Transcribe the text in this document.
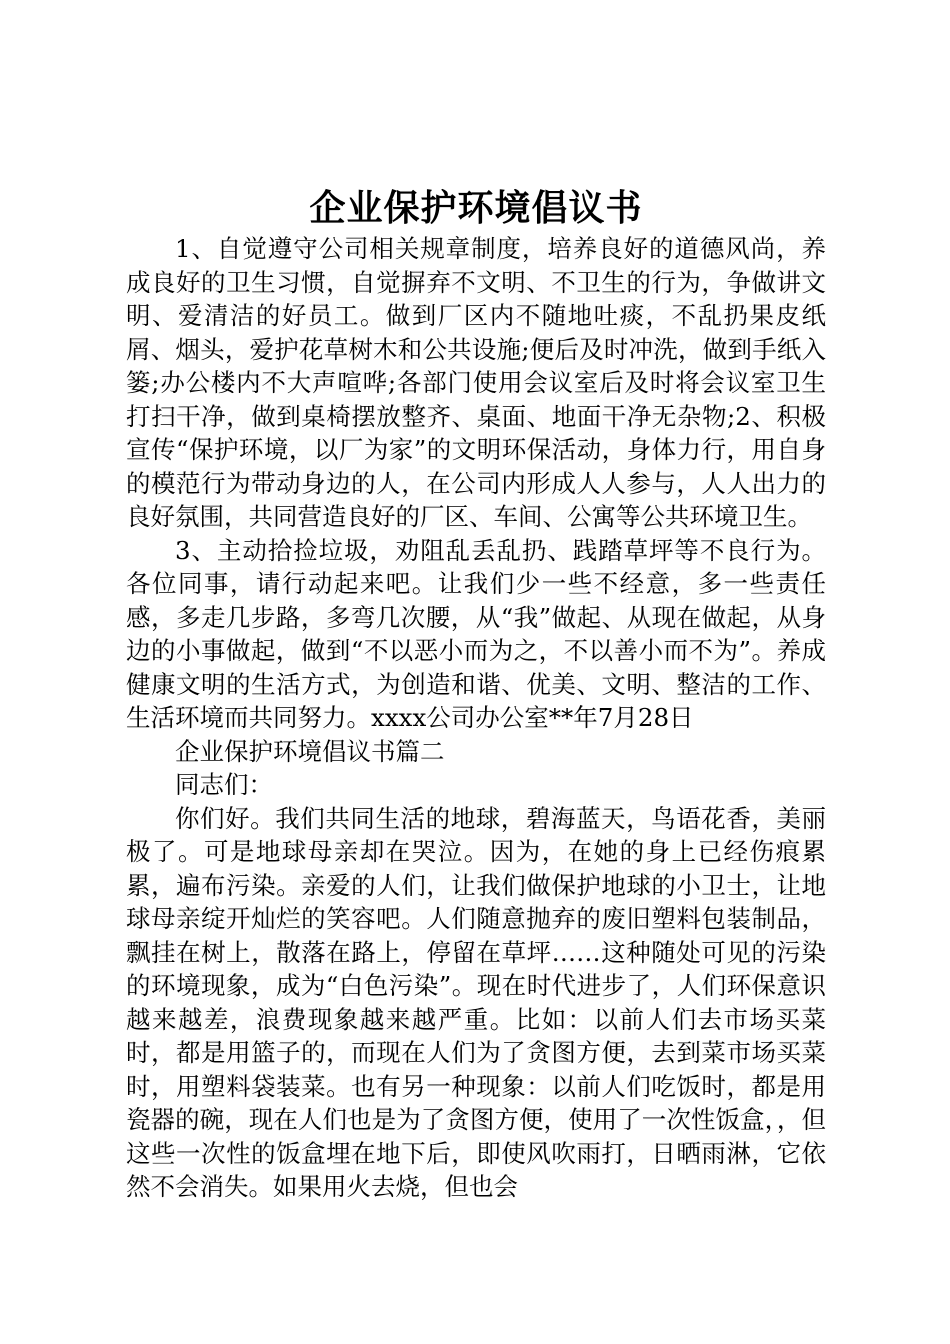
企业保护环境倡议书

1、自觉遵守公司相关规章制度，培养良好的道德风尚，养成良好的卫生习惯，自觉摒弃不文明、不卫生的行为，争做讲文明、爱清洁的好员工。做到厂区内不随地吐痰，不乱扔果皮纸屑、烟头，爱护花草树木和公共设施;便后及时冲洗，做到手纸入篓;办公楼内不大声喧哗;各部门使用会议室后及时将会议室卫生打扫干净，做到桌椅摆放整齐、桌面、地面干净无杂物;2、积极宣传“保护环境，以厂为家”的文明环保活动，身体力行，用自身的模范行为带动身边的人，在公司内形成人人参与，人人出力的良好氛围，共同营造良好的厂区、车间、公寓等公共环境卫生。

3、主动拾捡垃圾，劝阻乱丢乱扔、践踏草坪等不良行为。各位同事，请行动起来吧。让我们少一些不经意，多一些责任感，多走几步路，多弯几次腰，从“我”做起、从现在做起，从身边的小事做起，做到“不以恶小而为之，不以善小而不为”。养成健康文明的生活方式，为创造和谐、优美、文明、整洁的工作、生活环境而共同努力。xxxx公司办公室**年7月28日

企业保护环境倡议书篇二

同志们：

你们好。我们共同生活的地球，碧海蓝天，鸟语花香，美丽极了。可是地球母亲却在哭泣。因为，在她的身上已经伤痕累累，遍布污染。亲爱的人们，让我们做保护地球的小卫士，让地球母亲绽开灿烂的笑容吧。人们随意抛弃的废旧塑料包装制品，飘挂在树上，散落在路上，停留在草坪……这种随处可见的污染的环境现象，成为“白色污染”。现在时代进步了，人们环保意识越来越差，浪费现象越来越严重。比如：以前人们去市场买菜时，都是用篮子的，而现在人们为了贪图方便，去到菜市场买菜时，用塑料袋装菜。也有另一种现象：以前人们吃饭时，都是用瓷器的碗，现在人们也是为了贪图方便，使用了一次性饭盒，，但这些一次性的饭盒埋在地下后，即使风吹雨打，日晒雨淋，它依然不会消失。如果用火去烧，但也会
